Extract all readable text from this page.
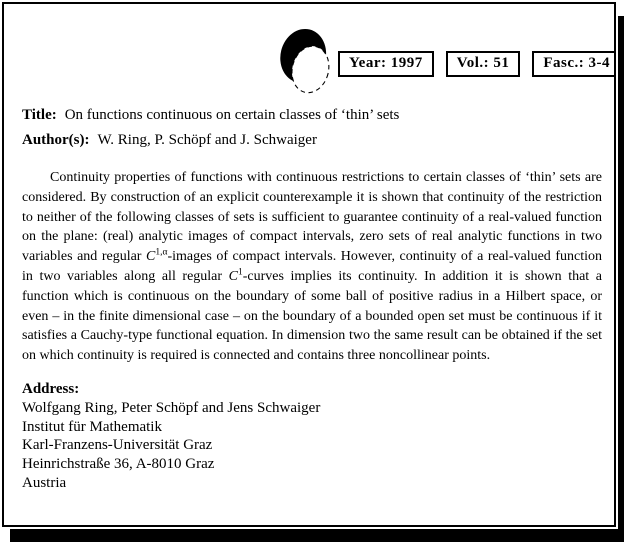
Year: 1997	Vol.: 51	Fasc.: 3-4
Title: On functions continuous on certain classes of ‘thin’ sets
Author(s): W. Ring, P. Schöpf and J. Schwaiger

Continuity properties of functions with continuous restrictions to certain classes of ‘thin’ sets are considered. By construction of an explicit counterexample it is shown that continuity of the restriction to neither of the following classes of sets is sufficient to guarantee continuity of a real-valued function on the plane: (real) analytic images of compact intervals, zero sets of real analytic functions in two variables and regular $C^{1,\alpha}$-images of compact intervals. However, continuity of a real-valued function in two variables along all regular $C^1$-curves implies its continuity. In addition it is shown that a function which is continuous on the boundary of some ball of positive radius in a Hilbert space, or even – in the finite dimensional case – on the boundary of a bounded open set must be continuous if it satisfies a Cauchy-type functional equation. In dimension two the same result can be obtained if the set on which continuity is required is connected and contains three noncollinear points.

Address:
Wolfgang Ring, Peter Schöpf and Jens Schwaiger
Institut für Mathematik
Karl-Franzens-Universität Graz
Heinrichstraße 36, A-8010 Graz
Austria
